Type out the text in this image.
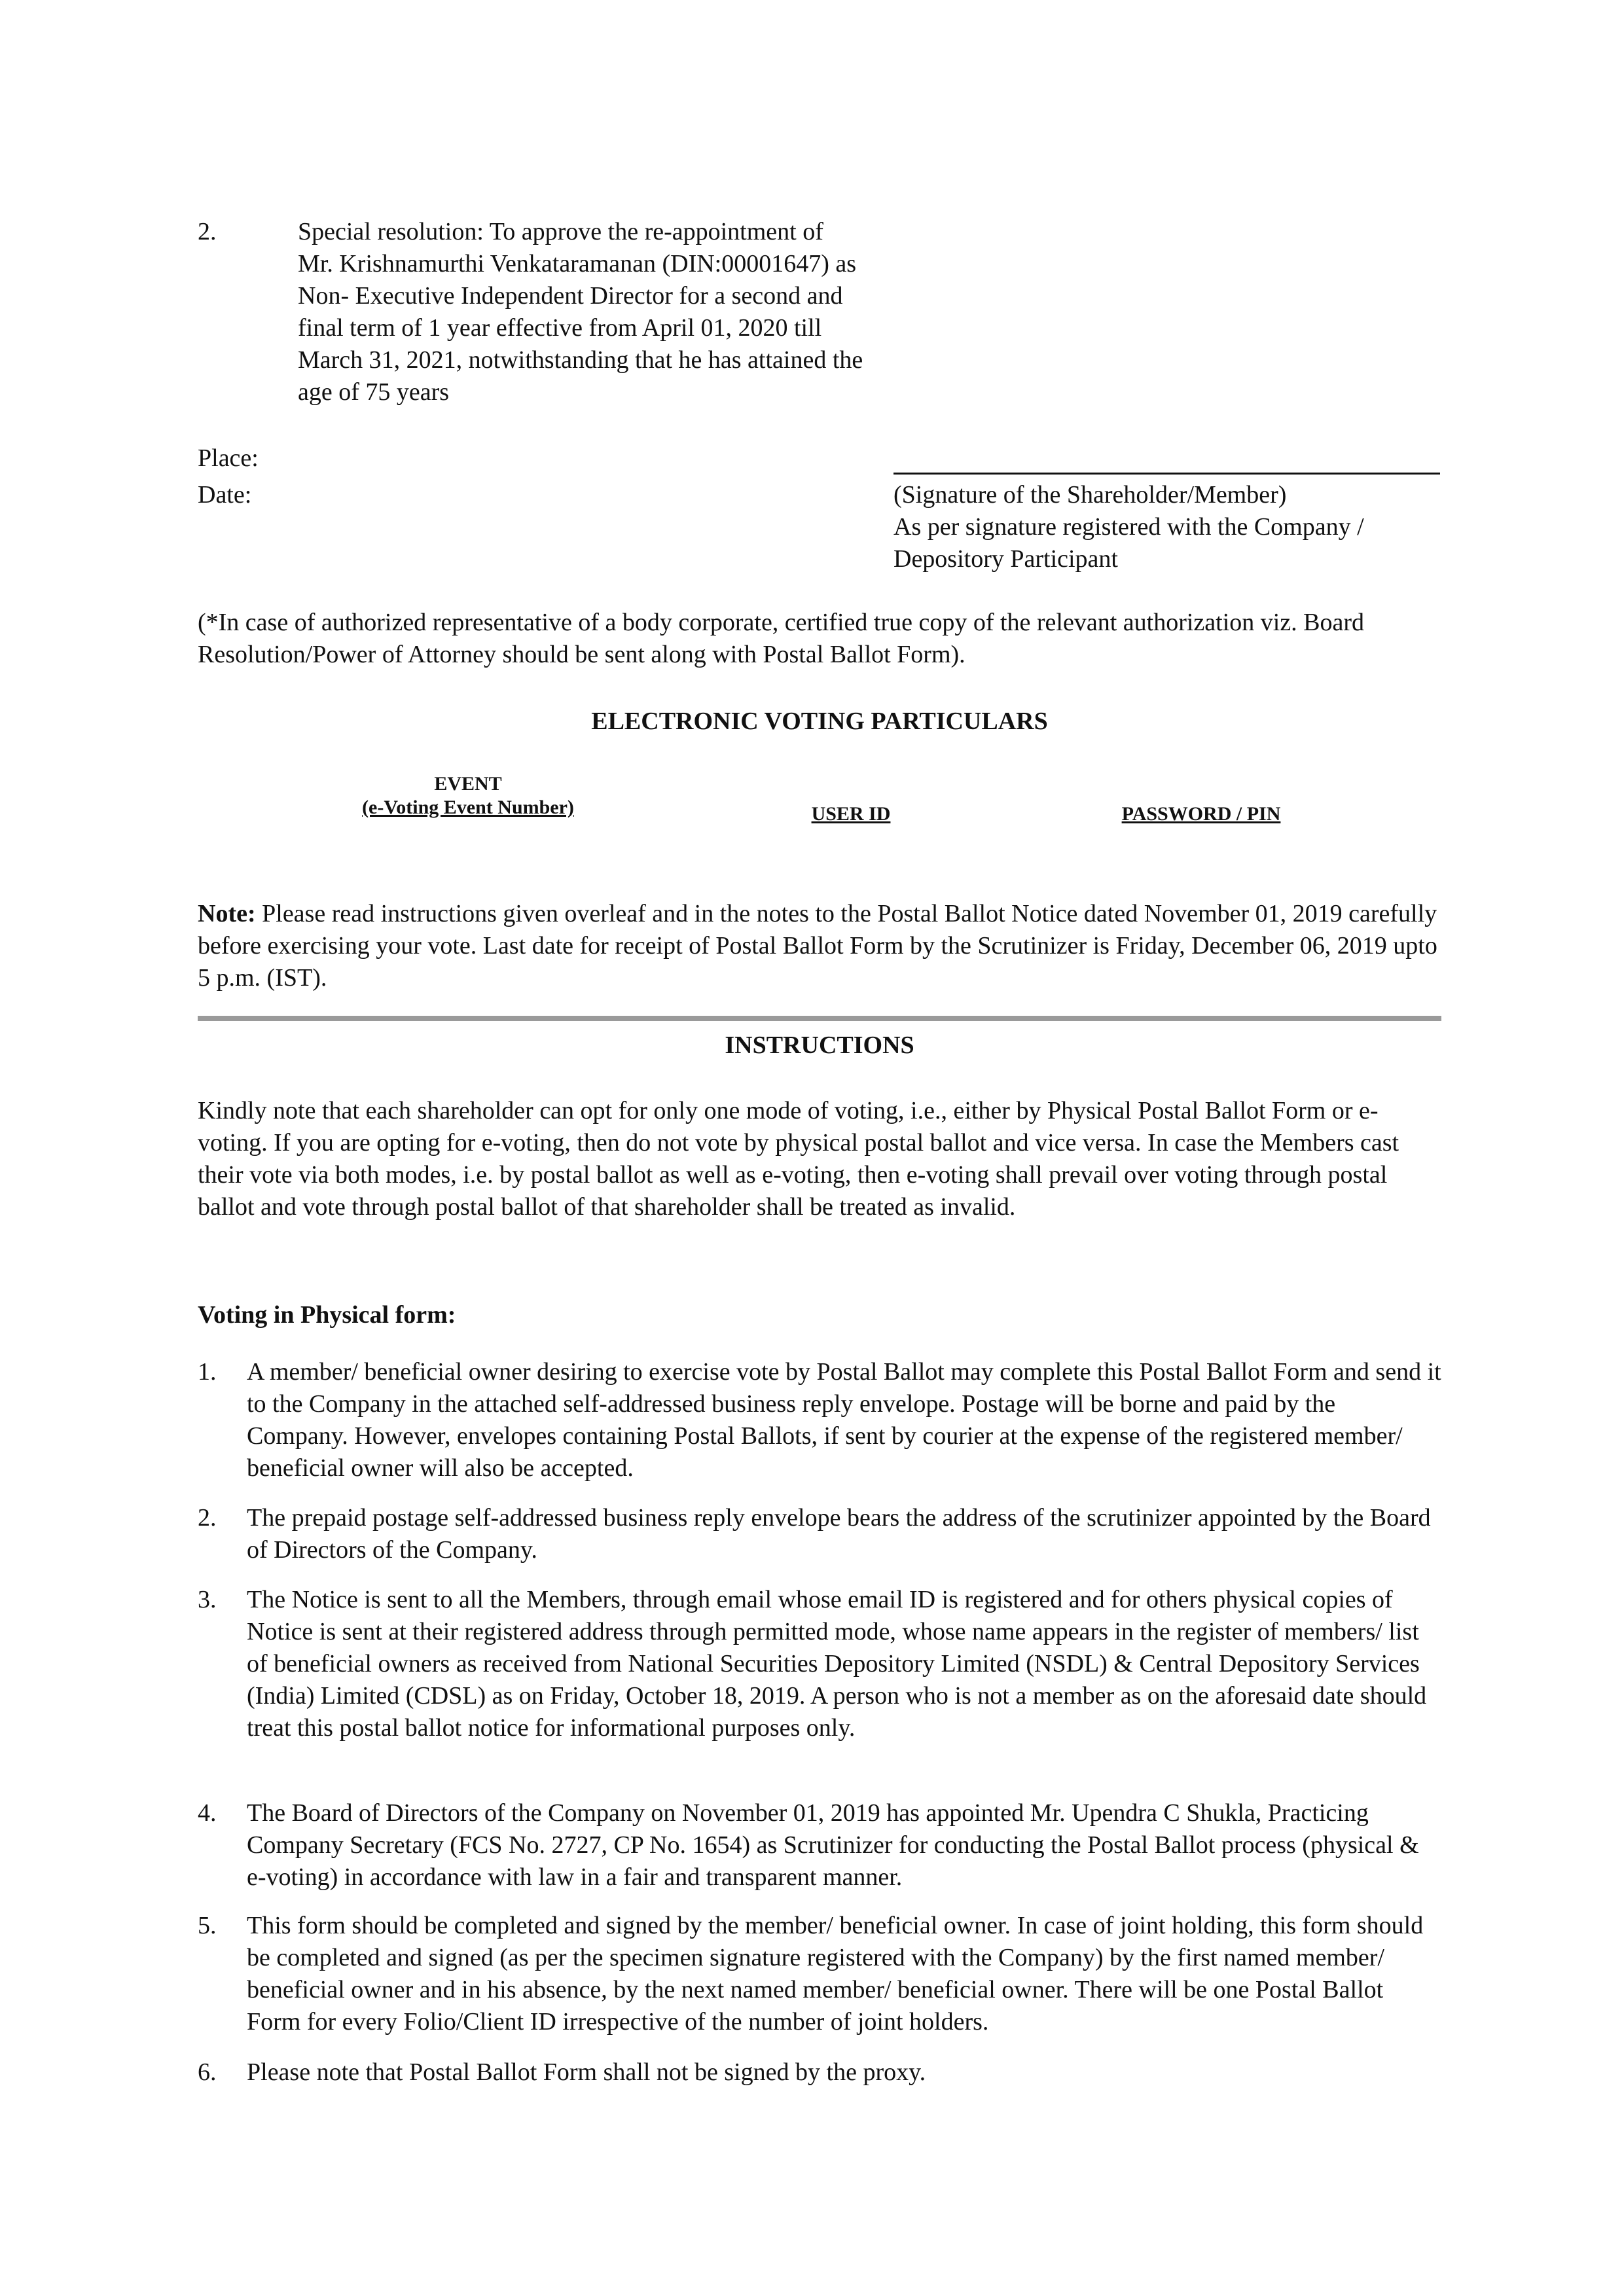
2.	Special resolution: To approve the re-appointment of
Mr. Krishnamurthi Venkataramanan (DIN:00001647) as
Non- Executive Independent Director for a second and
final term of 1 year effective from April 01, 2020 till
March 31, 2021, notwithstanding that he has attained the
age of 75 years
Place:
Date:	(Signature of the Shareholder/Member)
As per signature registered with the Company /
Depository Participant
(*In case of authorized representative of a body corporate, certified true copy of the relevant authorization viz. Board Resolution/Power of Attorney should be sent along with Postal Ballot Form).
ELECTRONIC VOTING PARTICULARS
EVENT
(e-Voting Event Number)	USER ID	PASSWORD / PIN
Note: Please read instructions given overleaf and in the notes to the Postal Ballot Notice dated November 01, 2019 carefully before exercising your vote. Last date for receipt of Postal Ballot Form by the Scrutinizer is Friday, December 06, 2019 upto 5 p.m. (IST).
INSTRUCTIONS
Kindly note that each shareholder can opt for only one mode of voting, i.e., either by Physical Postal Ballot Form or e-voting. If you are opting for e-voting, then do not vote by physical postal ballot and vice versa. In case the Members cast their vote via both modes, i.e. by postal ballot as well as e-voting, then e-voting shall prevail over voting through postal ballot and vote through postal ballot of that shareholder shall be treated as invalid.
Voting in Physical form:
1. A member/ beneficial owner desiring to exercise vote by Postal Ballot may complete this Postal Ballot Form and send it to the Company in the attached self-addressed business reply envelope. Postage will be borne and paid by the Company. However, envelopes containing Postal Ballots, if sent by courier at the expense of the registered member/ beneficial owner will also be accepted.
2. The prepaid postage self-addressed business reply envelope bears the address of the scrutinizer appointed by the Board of Directors of the Company.
3. The Notice is sent to all the Members, through email whose email ID is registered and for others physical copies of Notice is sent at their registered address through permitted mode, whose name appears in the register of members/ list of beneficial owners as received from National Securities Depository Limited (NSDL) & Central Depository Services (India) Limited (CDSL) as on Friday, October 18, 2019. A person who is not a member as on the aforesaid date should treat this postal ballot notice for informational purposes only.
4. The Board of Directors of the Company on November 01, 2019 has appointed Mr. Upendra C Shukla, Practicing Company Secretary (FCS No. 2727, CP No. 1654) as Scrutinizer for conducting the Postal Ballot process (physical & e-voting) in accordance with law in a fair and transparent manner.
5. This form should be completed and signed by the member/ beneficial owner. In case of joint holding, this form should be completed and signed (as per the specimen signature registered with the Company) by the first named member/ beneficial owner and in his absence, by the next named member/ beneficial owner. There will be one Postal Ballot Form for every Folio/Client ID irrespective of the number of joint holders.
6. Please note that Postal Ballot Form shall not be signed by the proxy.
